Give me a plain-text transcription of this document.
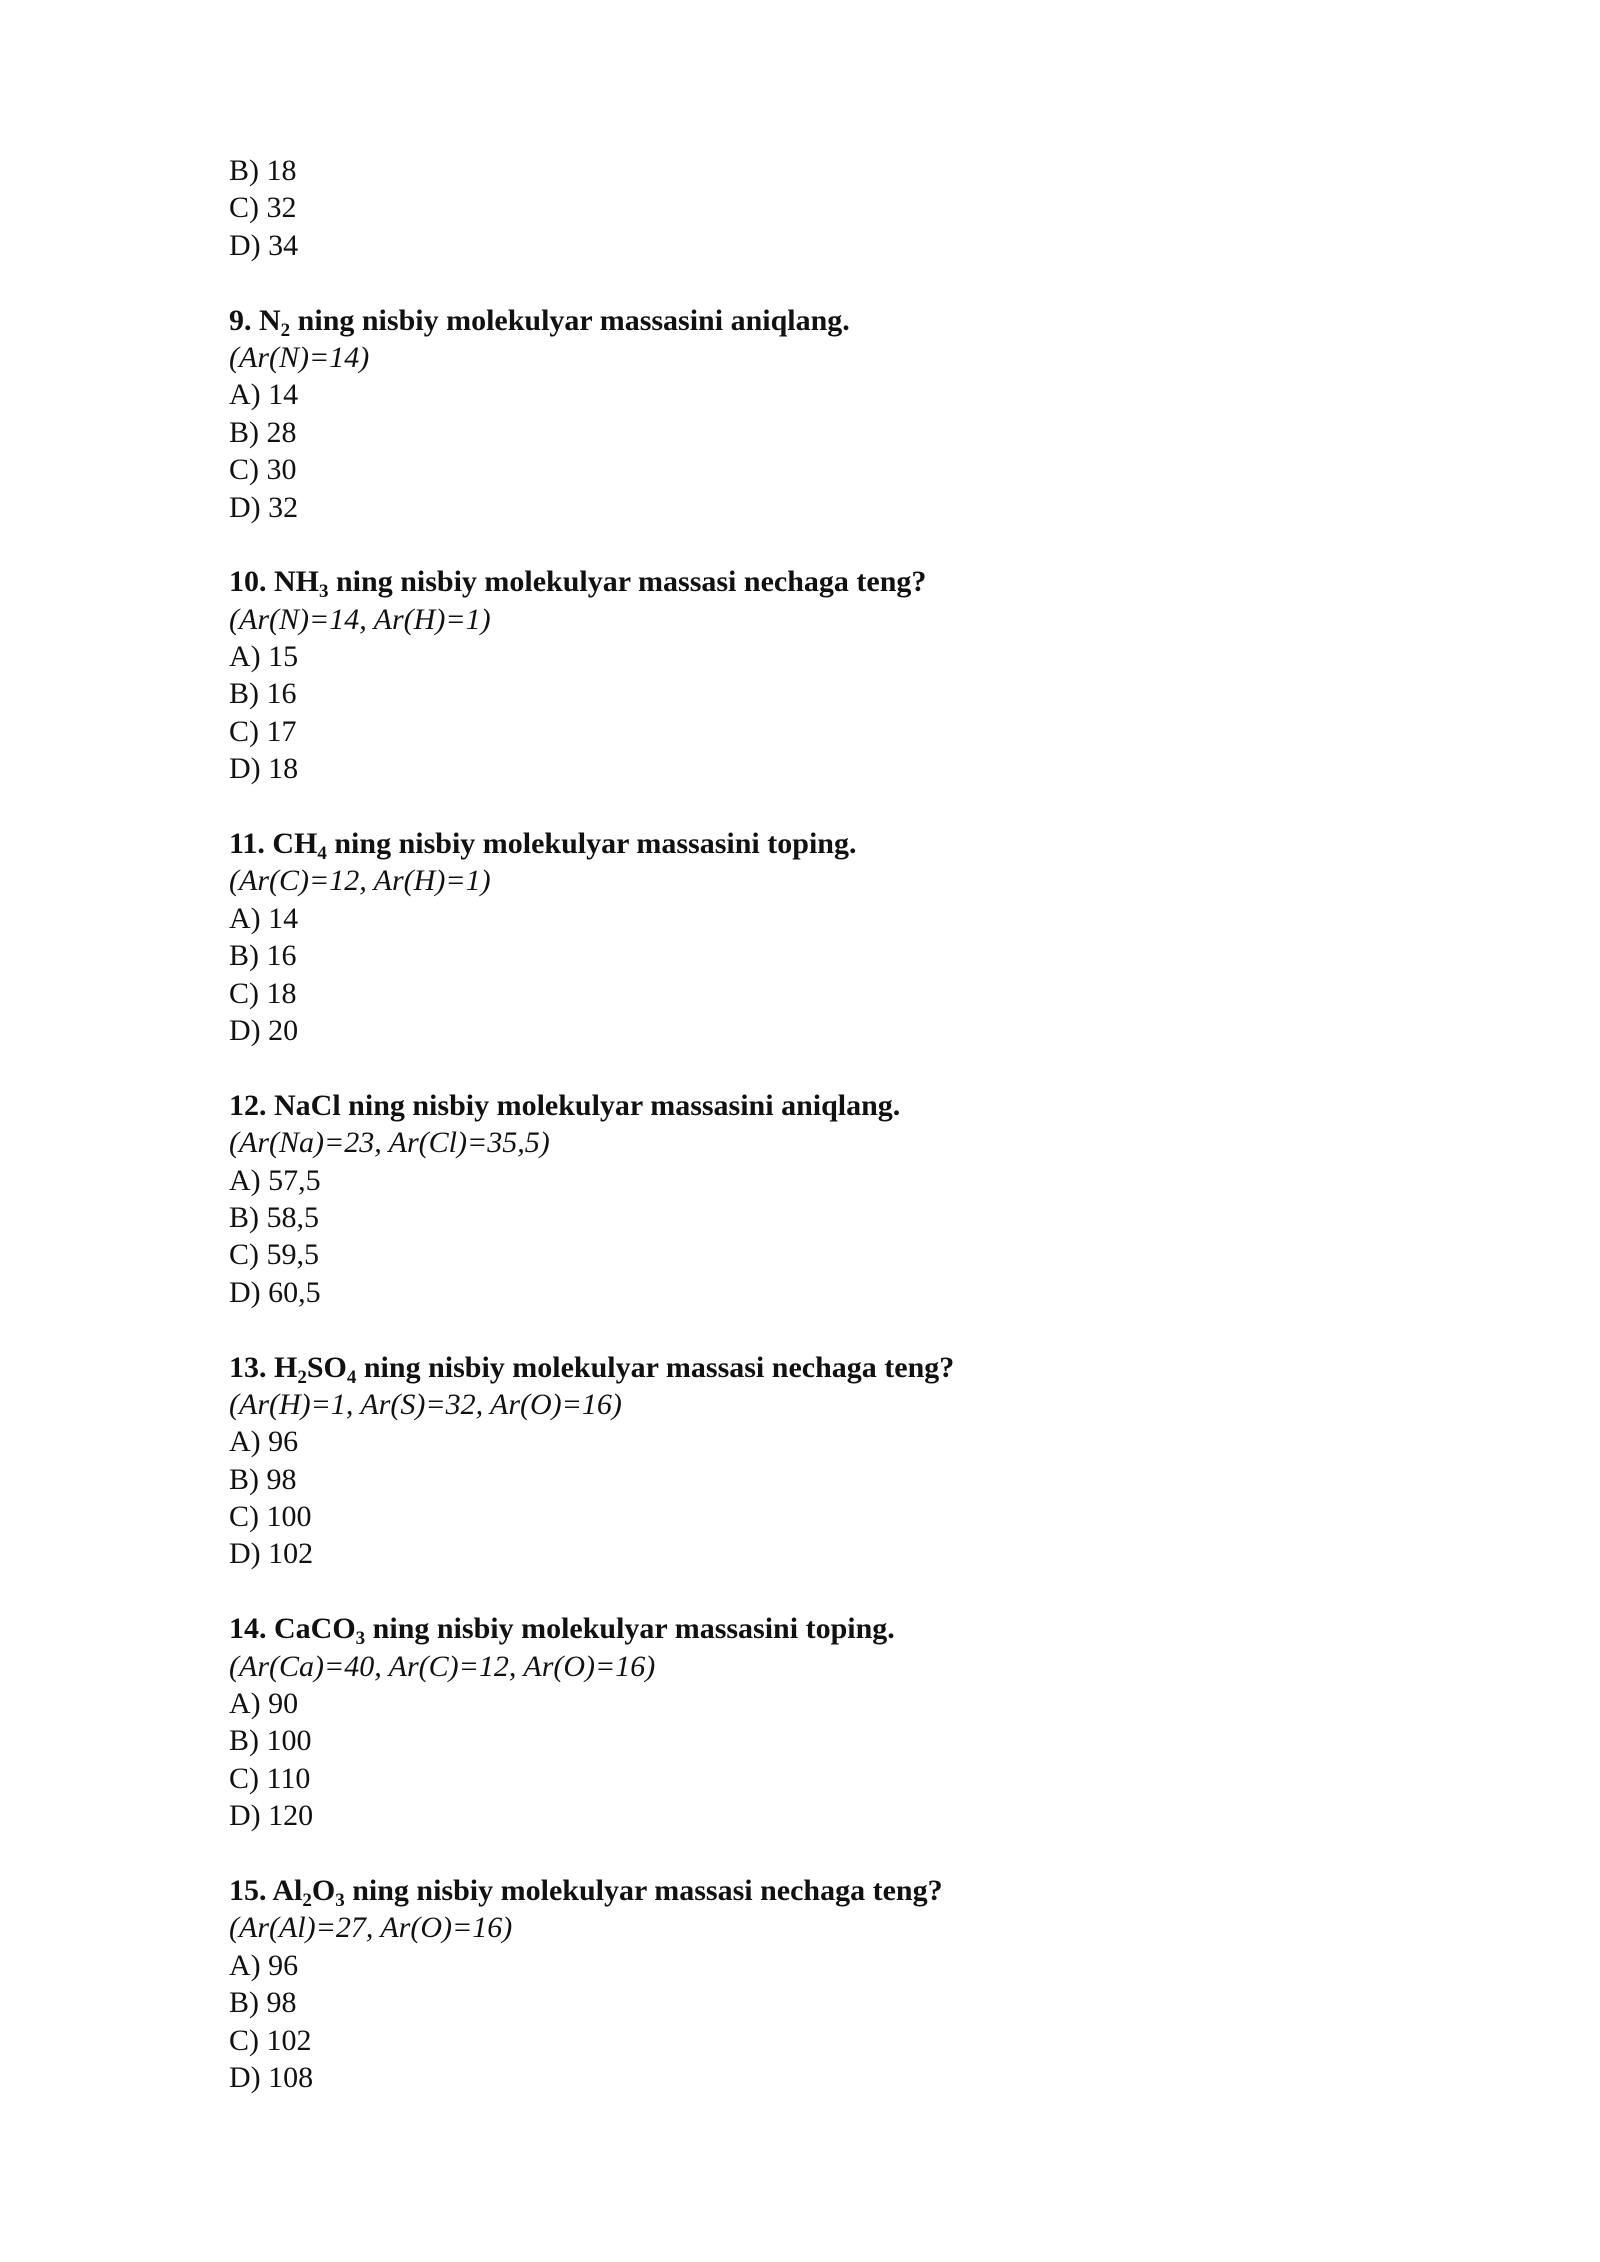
B) 18
C) 32
D) 34
9. $N_2$ ning nisbiy molekulyar massasini aniqlang.
(Ar(N)=14)
A) 14
B) 28
C) 30
D) 32
10. $NH_3$ ning nisbiy molekulyar massasi nechaga teng?
(Ar(N)=14, Ar(H)=1)
A) 15
B) 16
C) 17
D) 18
11. $CH_4$ ning nisbiy molekulyar massasini toping.
(Ar(C)=12, Ar(H)=1)
A) 14
B) 16
C) 18
D) 20
12. NaCl ning nisbiy molekulyar massasini aniqlang.
(Ar(Na)=23, Ar(Cl)=35,5)
A) 57,5
B) 58,5
C) 59,5
D) 60,5
13. $H_2SO_4$ ning nisbiy molekulyar massasi nechaga teng?
(Ar(H)=1, Ar(S)=32, Ar(O)=16)
A) 96
B) 98
C) 100
D) 102
14. CaCO$_3$ ning nisbiy molekulyar massasini toping.
(Ar(Ca)=40, Ar(C)=12, Ar(O)=16)
A) 90
B) 100
C) 110
D) 120
15. $Al_2O_3$ ning nisbiy molekulyar massasi nechaga teng?
(Ar(Al)=27, Ar(O)=16)
A) 96
B) 98
C) 102
D) 108
